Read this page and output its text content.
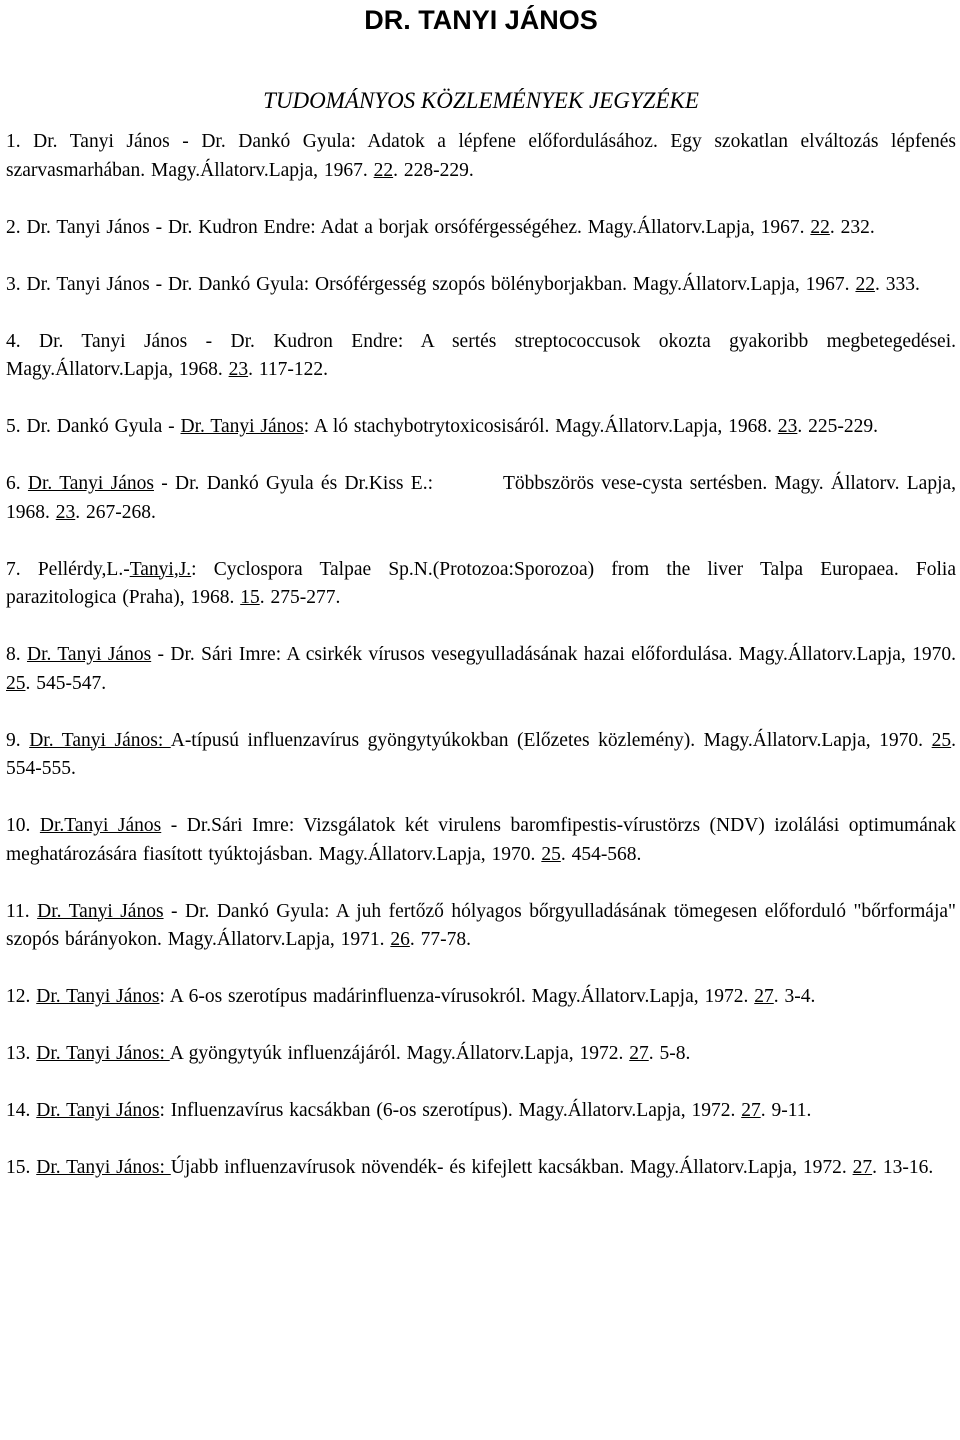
DR. TANYI JÁNOS
TUDOMÁNYOS KÖZLEMÉNYEK JEGYZÉKE
1. Dr. Tanyi János - Dr. Dankó Gyula: Adatok a lépfene előfordulásához. Egy szokatlan elváltozás lépfenés szarvasmarhában. Magy.Állatorv.Lapja, 1967. 22. 228-229.
2. Dr. Tanyi János - Dr. Kudron Endre: Adat a borjak orsóférgességéhez. Magy.Állatorv.Lapja, 1967. 22. 232.
3. Dr. Tanyi János - Dr. Dankó Gyula: Orsóférgesség szopós bölényborjakban. Magy.Állatorv.Lapja, 1967. 22. 333.
4. Dr. Tanyi János - Dr. Kudron Endre: A sertés streptococcusok okozta gyakoribb megbetegedései. Magy.Állatorv.Lapja, 1968. 23. 117-122.
5. Dr. Dankó Gyula - Dr. Tanyi János: A ló stachybotrytoxicosisáról. Magy.Állatorv.Lapja, 1968. 23. 225-229.
6. Dr. Tanyi János - Dr. Dankó Gyula és Dr.Kiss E.:	Többszörös vese-cysta sertésben. Magy. Állatorv. Lapja, 1968. 23. 267-268.
7. Pellérdy,L.-Tanyi,J.: Cyclospora Talpae Sp.N.(Protozoa:Sporozoa) from the liver Talpa Europaea. Folia parazitologica (Praha), 1968. 15. 275-277.
8. Dr. Tanyi János - Dr. Sári Imre: A csirkék vírusos vesegyulladásának hazai előfordulása. Magy.Állatorv.Lapja, 1970. 25. 545-547.
9. Dr. Tanyi János: A-típusú influenzavírus gyöngytyúkokban (Előzetes közlemény). Magy.Állatorv.Lapja, 1970. 25. 554-555.
10. Dr.Tanyi János - Dr.Sári Imre: Vizsgálatok két virulens baromfipestis-vírustörzs (NDV) izolálási optimumának meghatározására fiasított tyúktojásban. Magy.Állatorv.Lapja, 1970. 25. 454-568.
11. Dr. Tanyi János - Dr. Dankó Gyula: A juh fertőző hólyagos bőrgyulladásának tömegesen előforduló "bőrformája" szopós bárányokon. Magy.Állatorv.Lapja, 1971. 26. 77-78.
12. Dr. Tanyi János: A 6-os szerotípus madárinfluenza-vírusokról. Magy.Állatorv.Lapja, 1972. 27. 3-4.
13. Dr. Tanyi János: A gyöngytyúk influenzájáról. Magy.Állatorv.Lapja, 1972. 27. 5-8.
14. Dr. Tanyi János: Influenzavírus kacsákban (6-os szerotípus). Magy.Állatorv.Lapja, 1972. 27. 9-11.
15. Dr. Tanyi János: Újabb influenzavírusok növendék- és kifejlett kacsákban. Magy.Állatorv.Lapja, 1972. 27. 13-16.
